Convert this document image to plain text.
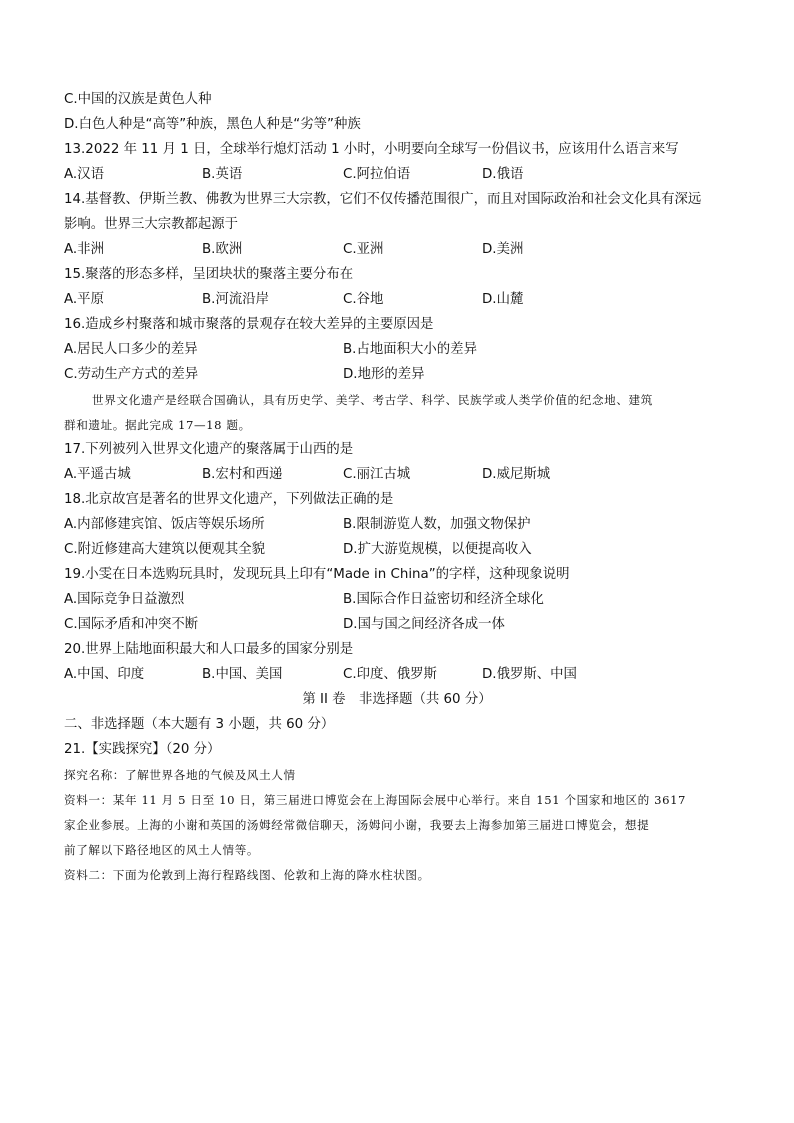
C.中国的汉族是黄色人种
D.白色人种是“高等”种族，黑色人种是“劣等”种族
13.2022 年 11 月 1 日，全球举行熄灯活动 1 小时，小明要向全球写一份倡议书，应该用什么语言来写
A.汉语	B.英语	C.阿拉伯语	D.俄语
14.基督教、伊斯兰教、佛教为世界三大宗教，它们不仅传播范围很广，而且对国际政治和社会文化具有深远
影响。世界三大宗教都起源于
A.非洲	B.欧洲	C.亚洲	D.美洲
15.聚落的形态多样，呈团块状的聚落主要分布在
A.平原	B.河流沿岸	C.谷地	D.山麓
16.造成乡村聚落和城市聚落的景观存在较大差异的主要原因是
A.居民人口多少的差异	B.占地面积大小的差异
C.劳动生产方式的差异	D.地形的差异
世界文化遗产是经联合国确认，具有历史学、美学、考古学、科学、民族学或人类学价值的纪念地、建筑
群和遗址。据此完成 17—18 题。
17.下列被列入世界文化遗产的聚落属于山西的是
A.平遥古城	B.宏村和西递	C.丽江古城	D.威尼斯城
18.北京故宫是著名的世界文化遗产，下列做法正确的是
A.内部修建宾馆、饭店等娱乐场所	B.限制游览人数，加强文物保护
C.附近修建高大建筑以便观其全貌	D.扩大游览规模，以便提高收入
19.小雯在日本选购玩具时，发现玩具上印有“Made in China”的字样，这种现象说明
A.国际竞争日益激烈	B.国际合作日益密切和经济全球化
C.国际矛盾和冲突不断	D.国与国之间经济各成一体
20.世界上陆地面积最大和人口最多的国家分别是
A.中国、印度	B.中国、美国	C.印度、俄罗斯	D.俄罗斯、中国
第 II 卷　非选择题（共 60 分）
二、非选择题（本大题有 3 小题，共 60 分）
21.【实践探究】（20 分）
探究名称：了解世界各地的气候及风土人情
资料一：某年 11 月 5 日至 10 日，第三届进口博览会在上海国际会展中心举行。来自 151 个国家和地区的 3617
家企业参展。上海的小谢和英国的汤姆经常微信聊天，汤姆问小谢，我要去上海参加第三届进口博览会，想提
前了解以下路径地区的风土人情等。
资料二：下面为伦敦到上海行程路线图、伦敦和上海的降水柱状图。
